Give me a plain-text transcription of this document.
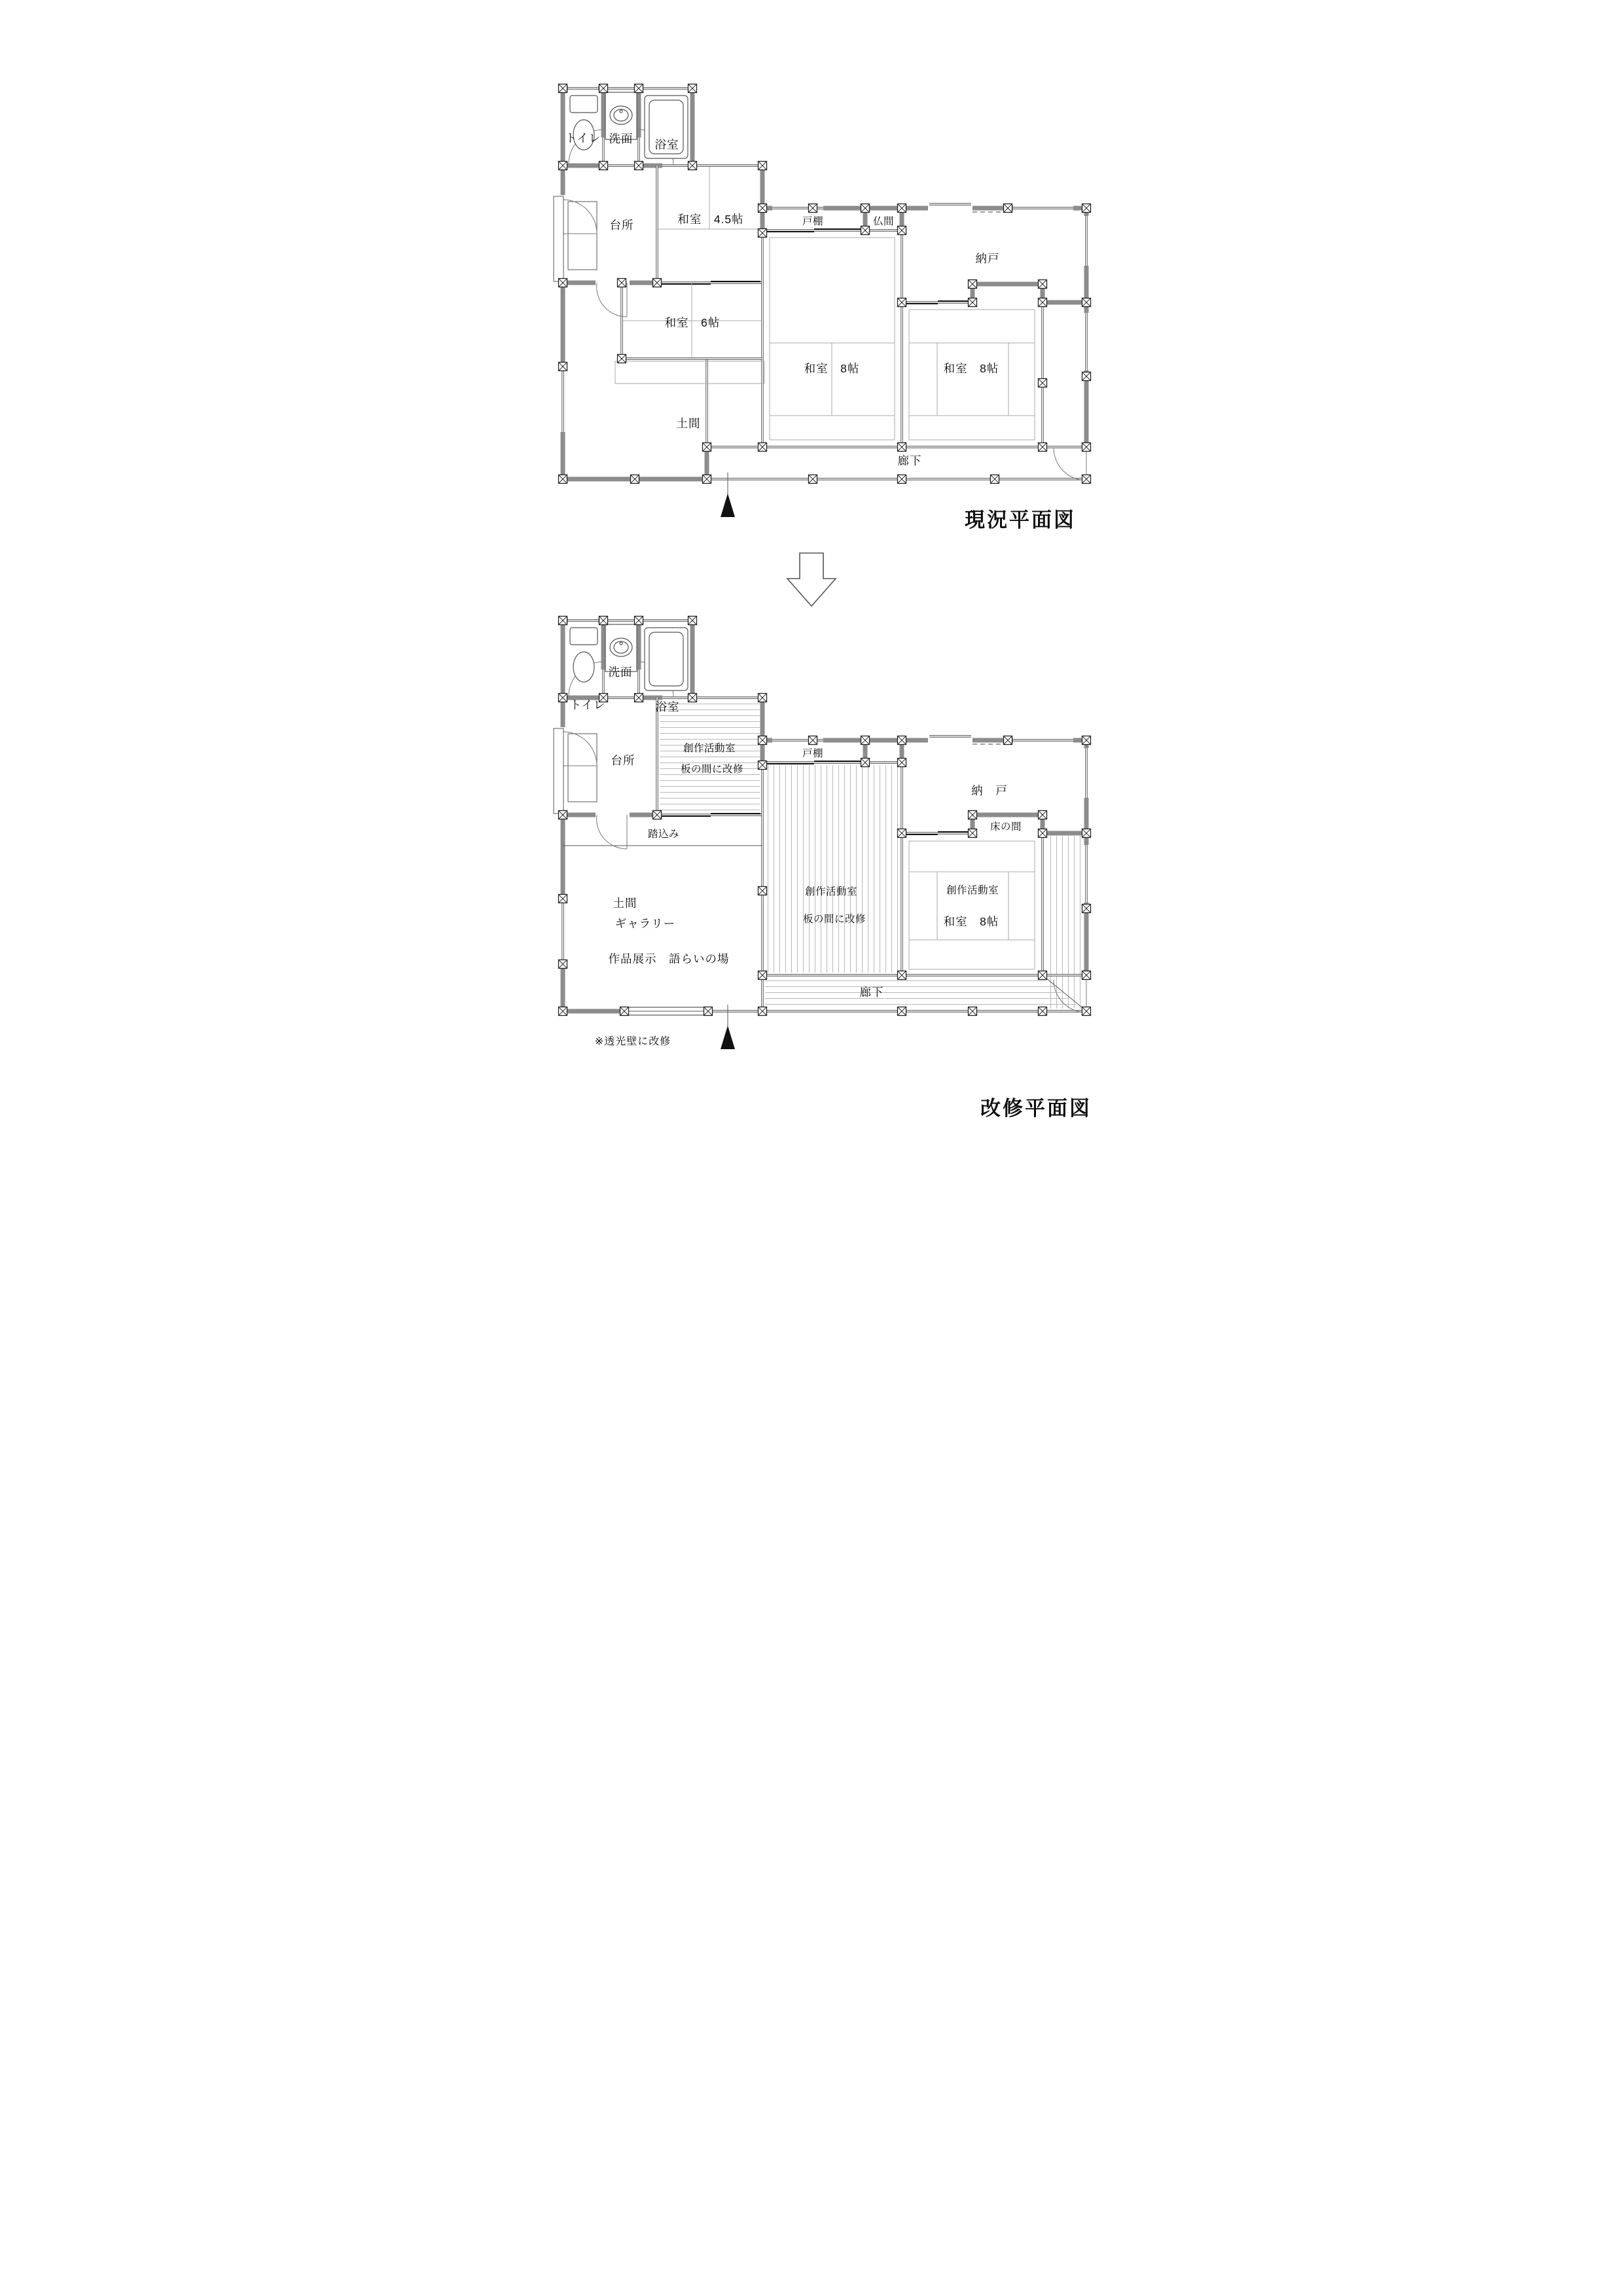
トイレ 洗面 浴室
台所	和室　4.5帖	戸棚	仏間
納戸
和室　6帖
和室　8帖	和室　8帖
土間
廊下
現況平面図
洗面
トイレ	浴室
台所
創作活動室
板の間に改修
踏込み
戸棚
納　戸
床の間
土間
ギャラリー
作品展示　語らいの場
創作活動室
板の間に改修
創作活動室
和室　8帖
廊下
※透光壁に改修
改修平面図
